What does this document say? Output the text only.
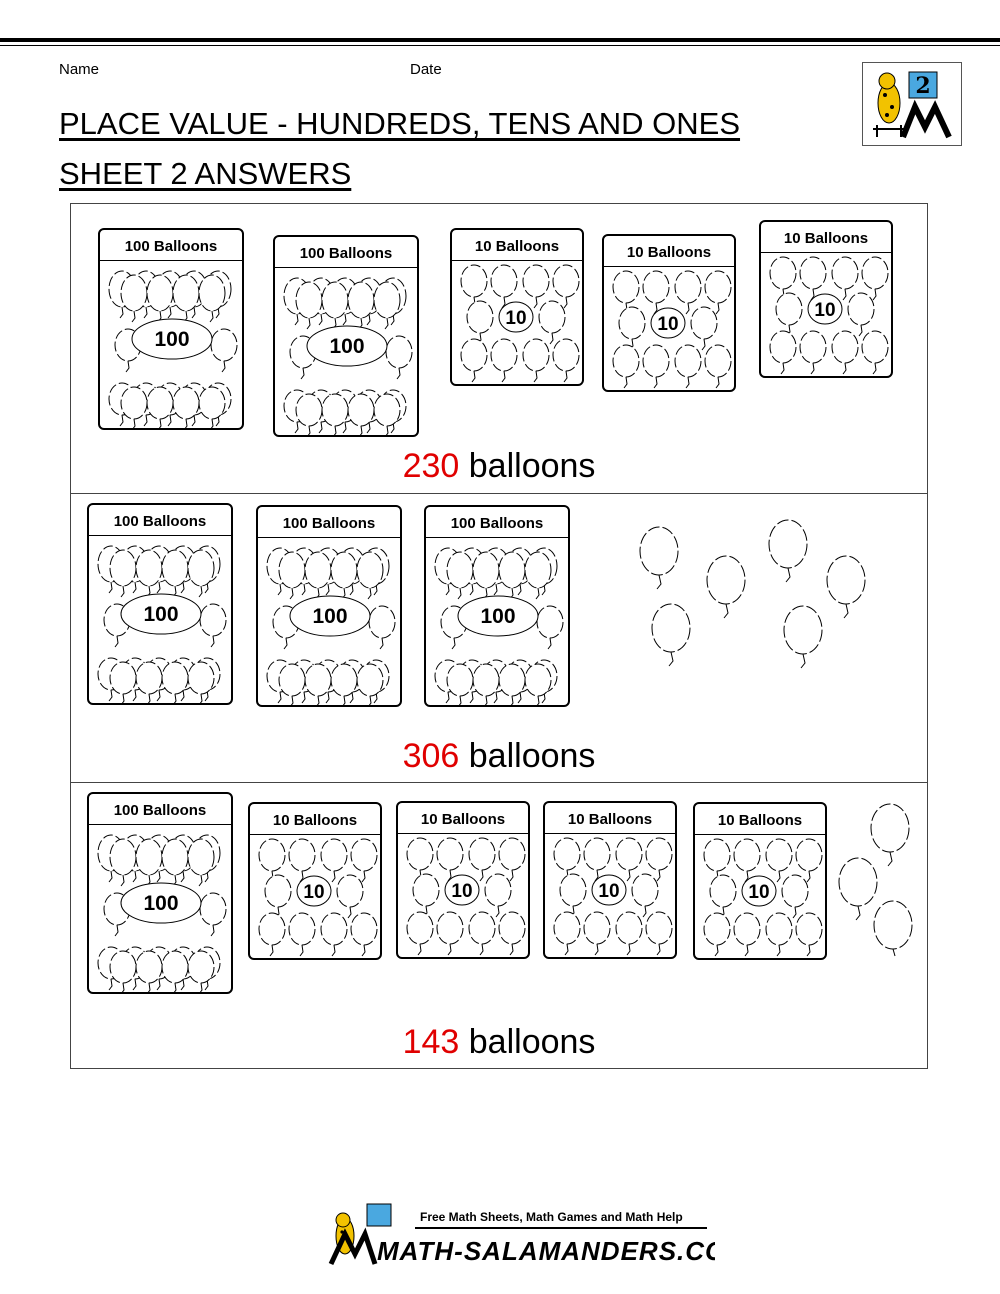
Name	Date
PLACE VALUE - HUNDREDS, TENS AND ONES
SHEET 2 ANSWERS
2
100 Balloons
100
100 Balloons
100
10 Balloons
10
10 Balloons
10
10 Balloons
10
230 balloons
100 Balloons
100
100 Balloons
100
100 Balloons
100
306 balloons
100 Balloons
100
10 Balloons
10
10 Balloons
10
10 Balloons
10
10 Balloons
10
143 balloons
Free Math Sheets, Math Games and Math Help
MATH-SALAMANDERS.COM
